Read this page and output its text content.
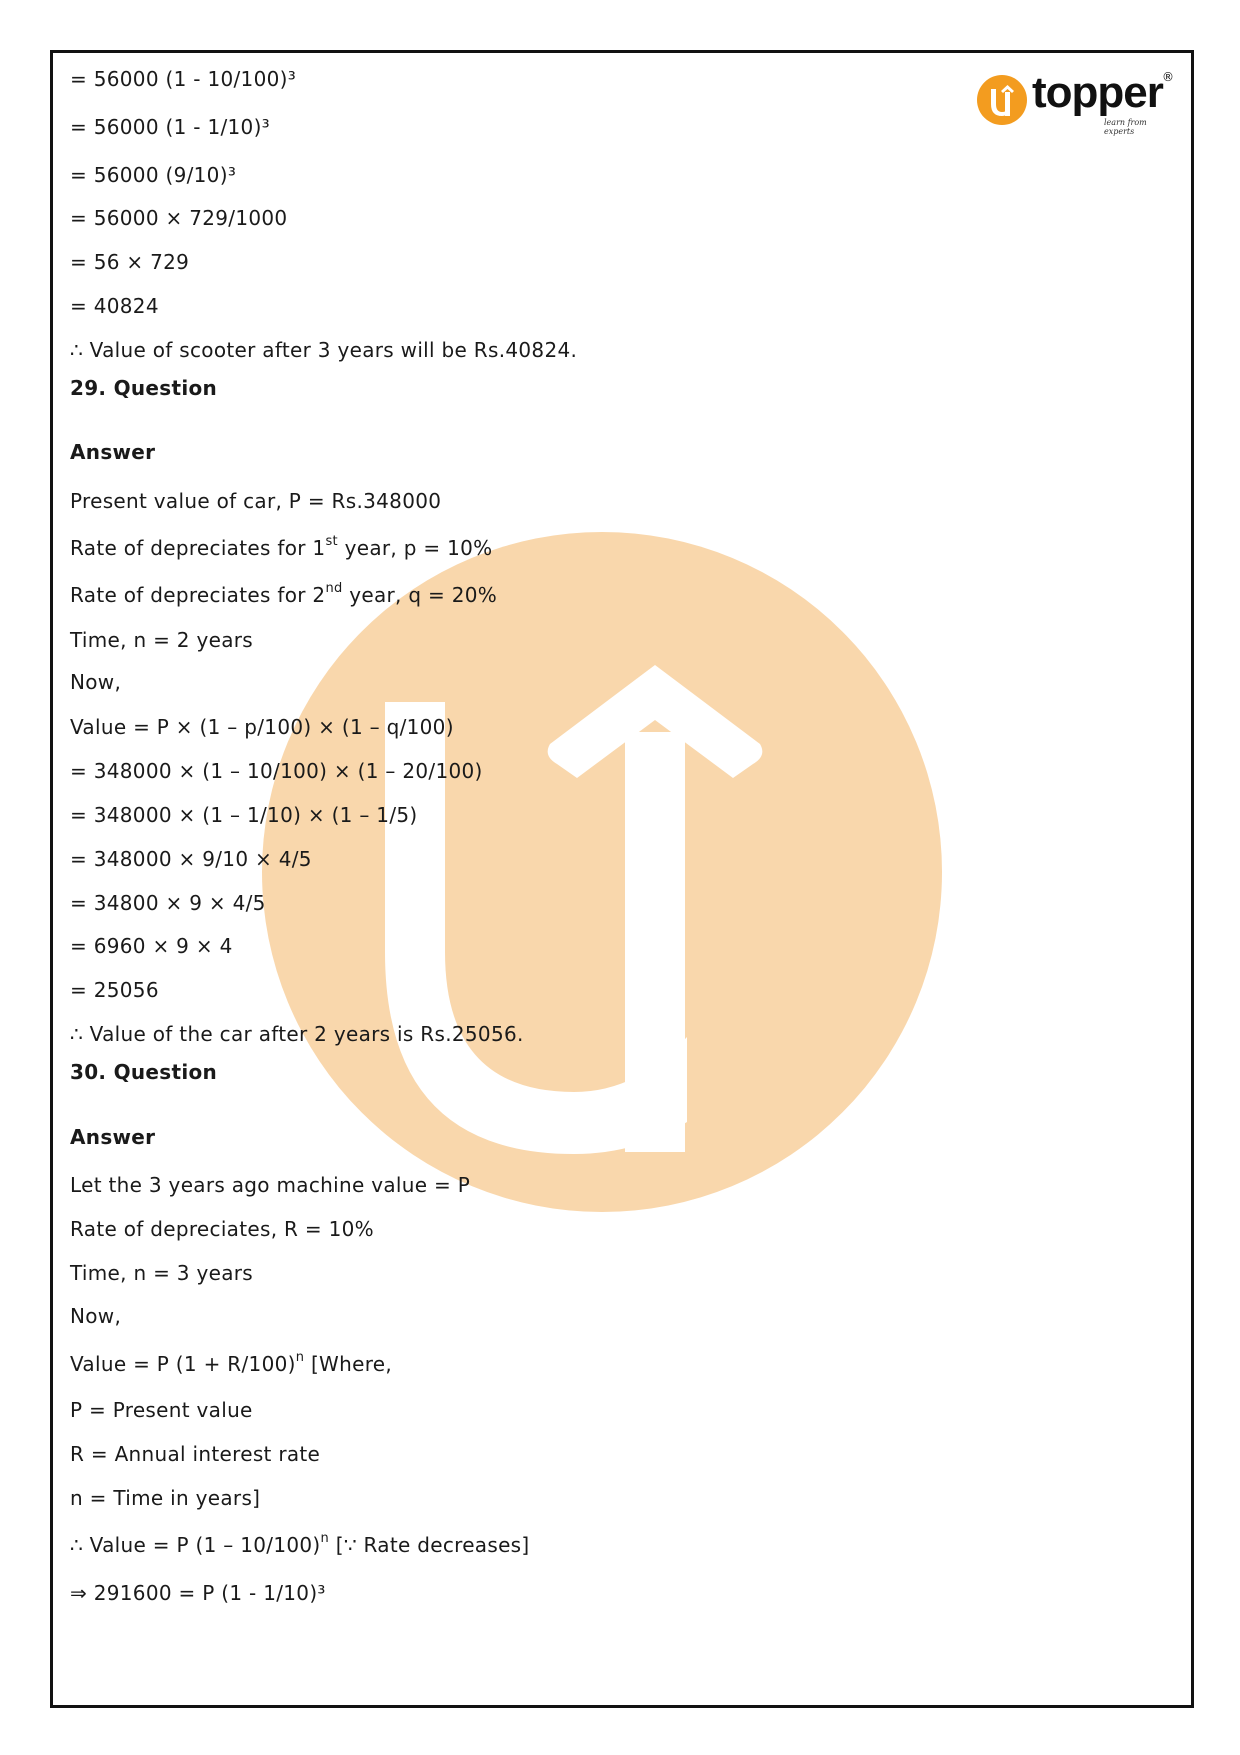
topper ®
learn from experts
= 56000 (1 - 10/100)³
= 56000 (1 - 1/10)³
= 56000 (9/10)³
= 56000 × 729/1000
= 56 × 729
= 40824
∴ Value of scooter after 3 years will be Rs.40824.
29. Question
Answer
Present value of car, P = Rs.348000
Rate of depreciates for 1st year, p = 10%
Rate of depreciates for 2nd year, q = 20%
Time, n = 2 years
Now,
Value = P × (1 – p/100) × (1 – q/100)
= 348000 × (1 – 10/100) × (1 – 20/100)
= 348000 × (1 – 1/10) × (1 – 1/5)
= 348000 × 9/10 × 4/5
= 34800 × 9 × 4/5
= 6960 × 9 × 4
= 25056
∴ Value of the car after 2 years is Rs.25056.
30. Question
Answer
Let the 3 years ago machine value = P
Rate of depreciates, R = 10%
Time, n = 3 years
Now,
Value = P $(1 + R/100)^n$ [Where,
P = Present value
R = Annual interest rate
n = Time in years]
∴ Value = P (1 – 10/100)$^n$ [∵ Rate decreases]
⇒ 291600 = P (1 - 1/10)³
